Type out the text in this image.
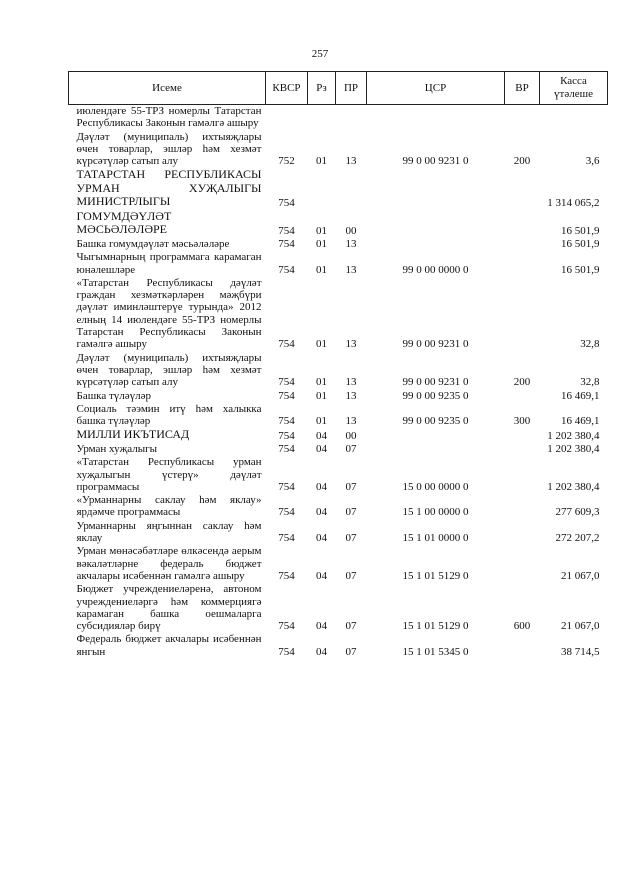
257
Исеме	КВСР	Рз	ПР	ЦСР	ВР	Касса үтәлеше
июлендәге 55-ТРЗ номерлы Татарстан Республикасы Законын гамәлгә ашыру						
Дәүләт (муниципаль) ихтыяҗлары өчен товарлар, эшләр һәм хезмәт күрсәтүләр сатып алу	752	01	13	99 0 00 9231 0	200	3,6
ТАТАРСТАН РЕСПУБЛИКАСЫ УРМАН ХУҖАЛЫГЫ МИНИСТРЛЫГЫ	754					1 314 065,2
ГОМУМДӘҮЛӘТ МӘСЬӘЛӘЛӘРЕ	754	01	00			16 501,9
Башка гомумдәүләт мәсьәләләре	754	01	13			16 501,9
Чыгымнарның программага карамаган юнәлешләре	754	01	13	99 0 00 0000 0		16 501,9
«Татарстан Республикасы дәүләт граждан хезмәткәрләрен мәҗбүри дәүләт иминләштерүе турында» 2012 елның 14 июлендәге 55-ТРЗ номерлы Татарстан Республикасы Законын гамәлгә ашыру	754	01	13	99 0 00 9231 0		32,8
Дәүләт (муниципаль) ихтыяҗлары өчен товарлар, эшләр һәм хезмәт күрсәтүләр сатып алу	754	01	13	99 0 00 9231 0	200	32,8
Башка түләүләр	754	01	13	99 0 00 9235 0		16 469,1
Социаль тәэмин итү һәм халыкка башка түләүләр	754	01	13	99 0 00 9235 0	300	16 469,1
МИЛЛИ ИКЪТИСАД	754	04	00			1 202 380,4
Урман хуҗалыгы	754	04	07			1 202 380,4
«Татарстан Республикасы урман хуҗалыгын үстерү» дәүләт программасы	754	04	07	15 0 00 0000 0		1 202 380,4
«Урманнарны саклау һәм яклау» ярдәмче программасы	754	04	07	15 1 00 0000 0		277 609,3
Урманнарны яңгыннан саклау һәм яклау	754	04	07	15 1 01 0000 0		272 207,2
Урман мөнәсәбәтләре өлкәсендә аерым вәкаләтләрне федераль бюджет акчалары исәбеннән гамәлгә ашыру	754	04	07	15 1 01 5129 0		21 067,0
Бюджет учреждениеләренә, автоном учреждениеләргә һәм коммерциягә карамаган башка оешмаларга субсидияләр бирү	754	04	07	15 1 01 5129 0	600	21 067,0
Федераль бюджет акчалары исәбеннән янгын	754	04	07	15 1 01 5345 0		38 714,5
